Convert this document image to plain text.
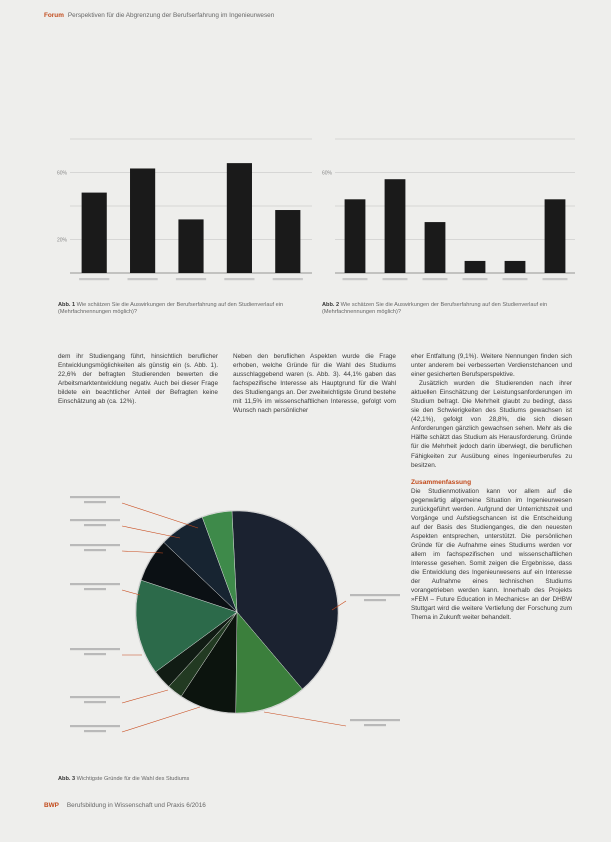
Forum Perspektiven für die Abgrenzung der Berufserfahrung im Ingenieurwesen
20%
60%	60%
Abb. 1 Wie schätzen Sie die Auswirkungen der Berufserfahrung auf den Studienverlauf ein (Mehrfachnennungen möglich)?
Abb. 2 Wie schätzen Sie die Auswirkungen der Berufserfahrung auf den Studienverlauf ein (Mehrfachnennungen möglich)?

dem ihr Studiengang führt, hinsichtlich beruflicher Entwicklungsmöglichkeiten als günstig ein (s. Abb. 1). 22,6% der befragten Studierenden bewerten die Arbeitsmarktentwicklung negativ. Auch bei dieser Frage bildete ein beachtlicher Anteil der Befragten keine Einschätzung ab (ca. 12%).

Neben den beruflichen Aspekten wurde die Frage erhoben, welche Gründe für die Wahl des Studiums ausschlaggebend waren (s. Abb. 3). 44,1% gaben das fachspezifische Interesse als Hauptgrund für die Wahl des Studiengangs an. Der zweitwichtigste Grund bestehe mit 11,5% im wissenschaftlichen Interesse, gefolgt vom Wunsch nach persönlicher

eher Entfaltung (9,1%). Weitere Nennungen finden sich unter anderem bei verbesserten Verdienstchancen und einer gesicherten Berufsperspektive.

Zusätzlich wurden die Studierenden nach ihrer aktuellen Einschätzung der Leistungsanforderungen im Studium befragt. Die Mehrheit glaubt zu bedingt, dass sie den Schwierigkeiten des Studiums gewachsen ist (42,1%), gefolgt von 28,8%, die sich diesen Anforderungen gänzlich gewachsen sehen. Mehr als die Hälfte schätzt das Studium als Herausforderung. Gründe für die Mehrheit jedoch darin überwiegt, die beruflichen Fähigkeiten zur Ausübung eines Ingenieurberufes zu besitzen.

Zusammenfassung

Die Studienmotivation kann vor allem auf die gegenwärtig allgemeine Situation im Ingenieurwesen zurückgeführt werden. Aufgrund der Unterrichtszeit und Vorgänge und Aufstiegschancen ist die Entscheidung auf der Basis des Studienganges, die den neuesten Aspekten entsprechen, unterstützt. Die persönlichen Gründe für die Aufnahme eines Studiums werden vor allem im fachspezifischen und wissenschaftlichen Interesse gesehen. Somit zeigen die Ergebnisse, dass die Entwicklung des Ingenieurwesens auf ein Interesse der Aufnahme eines technischen Studiums vorangetrieben werden kann. Innerhalb des Projekts »FEM – Future Education in Mechanics« an der DHBW Stuttgart wird die weitere Vertiefung der Forschung zum Thema in Zukunft weiter behandelt.

Abb. 3 Wichtigste Gründe für die Wahl des Studiums
BWP Berufsbildung in Wissenschaft und Praxis 6/2016
